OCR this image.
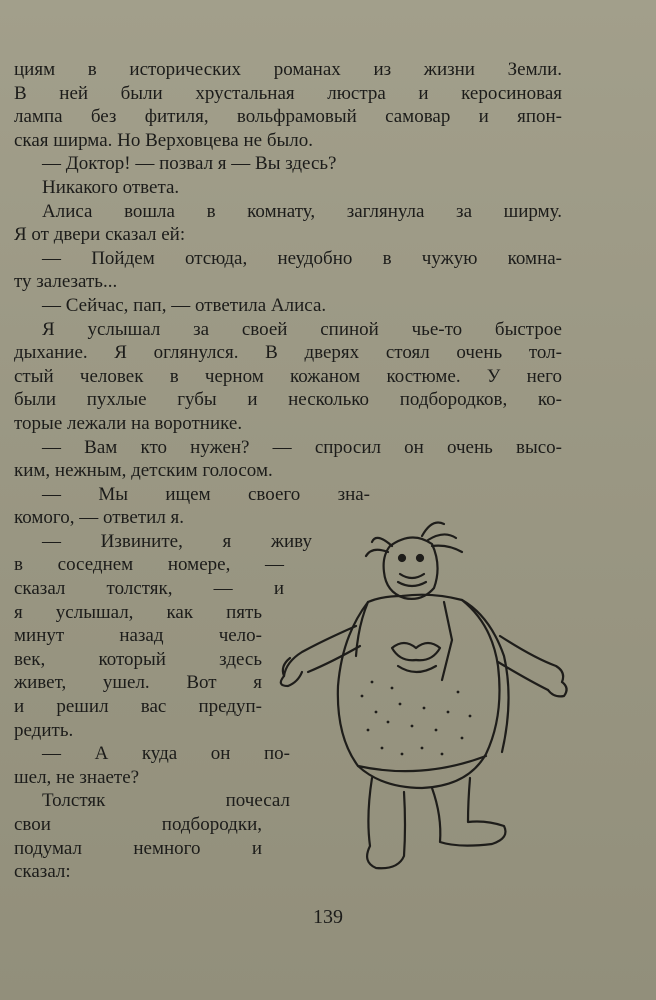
циям в исторических романах из жизни Земли.
В ней были хрустальная люстра и керосиновая
лампа без фитиля, вольфрамовый самовар и япон-
ская ширма. Но Верховцева не было.
— Доктор! — позвал я — Вы здесь?
Никакого ответа.
Алиса вошла в комнату, заглянула за ширму.
Я от двери сказал ей:
— Пойдем отсюда, неудобно в чужую комна-
ту залезать...
— Сейчас, пап, — ответила Алиса.
Я услышал за своей спиной чье-то быстрое
дыхание. Я оглянулся. В дверях стоял очень тол-
стый человек в черном кожаном костюме. У него
были пухлые губы и несколько подбородков, ко-
торые лежали на воротнике.
— Вам кто нужен? — спросил он очень высо-
ким, нежным, детским голосом.
— Мы ищем своего зна-
комого, — ответил я.
— Извините, я живу
в соседнем номере, —
сказал толстяк, — и
я услышал, как пять
минут назад чело-
век, который здесь
живет, ушел. Вот я
и решил вас предуп-
редить.
— А куда он по-
шел, не знаете?
Толстяк почесал
свои подбородки,
подумал немного и
сказал:
139
